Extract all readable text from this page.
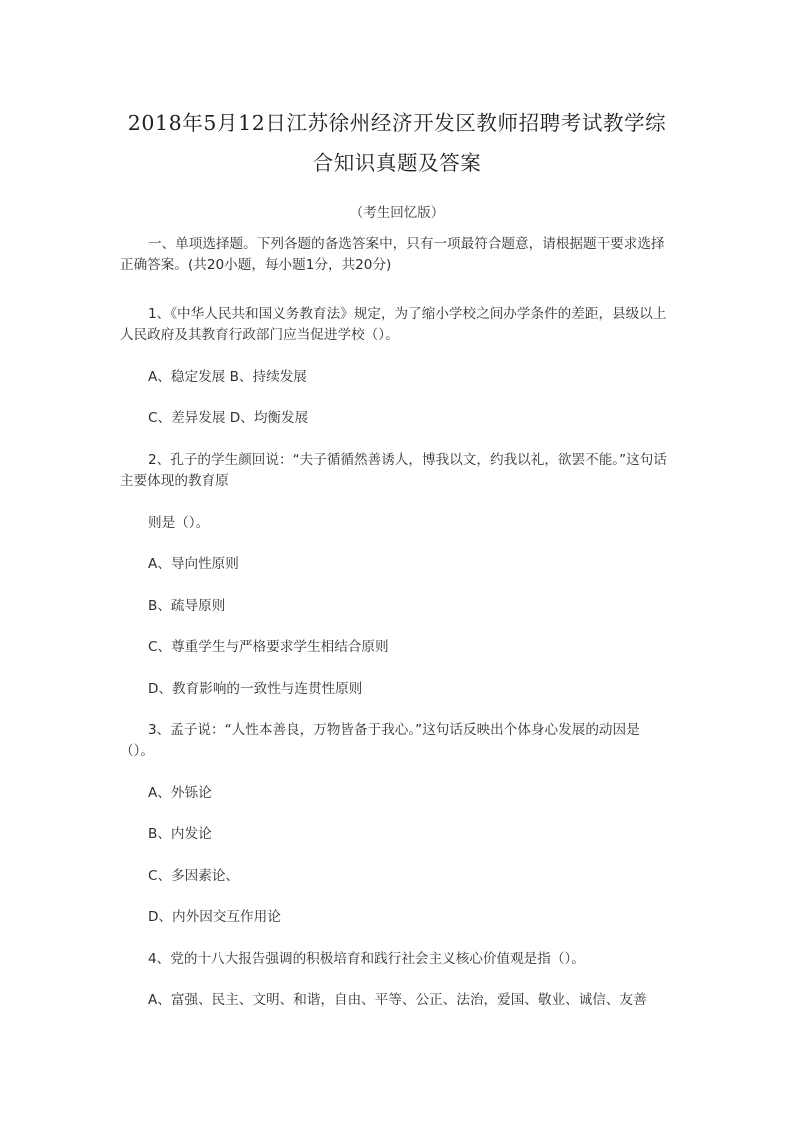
2018年5月12日江苏徐州经济开发区教师招聘考试教学综
合知识真题及答案
（考生回忆版）

一、单项选择题。下列各题的备选答案中，只有一项最符合题意，请根据题干要求选择正确答案。(共20小题，每小题1分，共20分)

1、《中华人民共和国义务教育法》规定，为了缩小学校之间办学条件的差距，县级以上人民政府及其教育行政部门应当促进学校（）。

A、稳定发展 B、持续发展

C、差异发展 D、均衡发展

2、孔子的学生颜回说：“夫子循循然善诱人，博我以文，约我以礼，欲罢不能。”这句话主要体现的教育原

则是（）。

A、导向性原则

B、疏导原则

C、尊重学生与严格要求学生相结合原则

D、教育影响的一致性与连贯性原则

3、孟子说：“人性本善良，万物皆备于我心。”这句话反映出个体身心发展的动因是（）。

A、外铄论

B、内发论

C、多因素论、

D、内外因交互作用论

4、党的十八大报告强调的积极培育和践行社会主义核心价值观是指（）。

A、富强、民主、文明、和谐，自由、平等、公正、法治，爱国、敬业、诚信、友善
